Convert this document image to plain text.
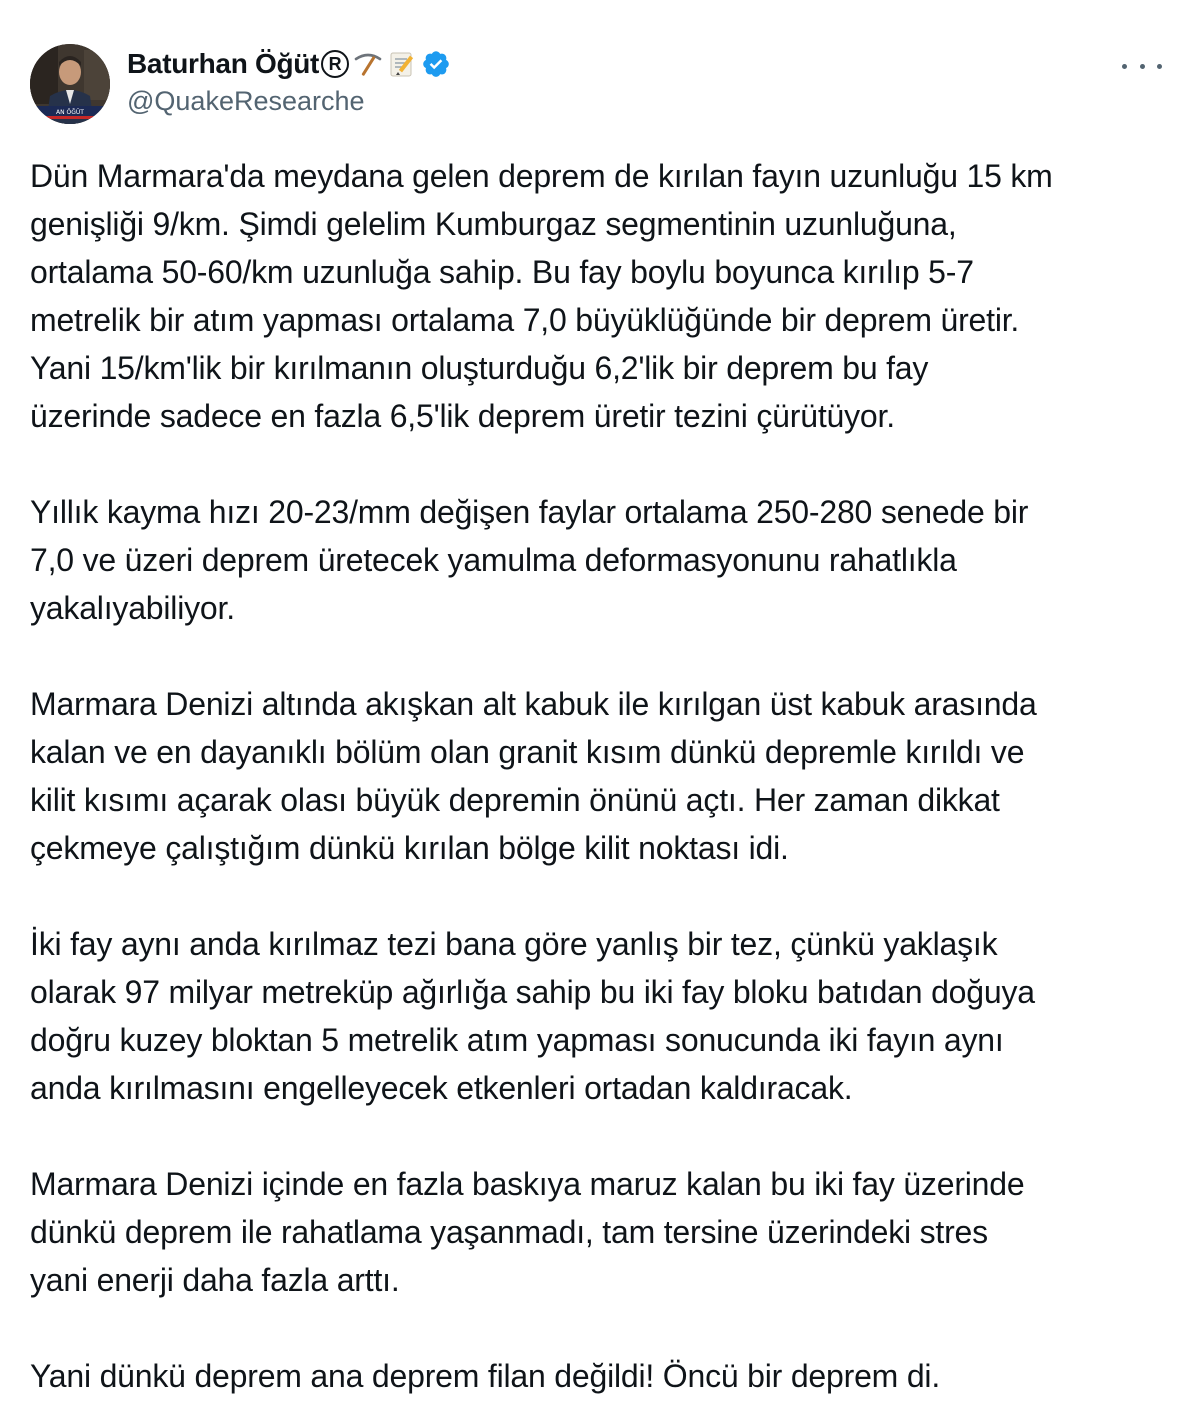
AN ÖĞÜT
Baturhan Öğüt R
@QuakeResearche

Dün Marmara'da meydana gelen deprem de kırılan fayın uzunluğu 15 km
genişliği 9/km. Şimdi gelelim Kumburgaz segmentinin uzunluğuna,
ortalama 50-60/km uzunluğa sahip. Bu fay boylu boyunca kırılıp 5-7
metrelik bir atım yapması ortalama 7,0 büyüklüğünde bir deprem üretir.
Yani 15/km'lik bir kırılmanın oluşturduğu 6,2'lik bir deprem bu fay
üzerinde sadece en fazla 6,5'lik deprem üretir tezini çürütüyor.

Yıllık kayma hızı 20-23/mm değişen faylar ortalama 250-280 senede bir
7,0 ve üzeri deprem üretecek yamulma deformasyonunu rahatlıkla
yakalıyabiliyor.

Marmara Denizi altında akışkan alt kabuk ile kırılgan üst kabuk arasında
kalan ve en dayanıklı bölüm olan granit kısım dünkü depremle kırıldı ve
kilit kısımı açarak olası büyük depremin önünü açtı. Her zaman dikkat
çekmeye çalıştığım dünkü kırılan bölge kilit noktası idi.

İki fay aynı anda kırılmaz tezi bana göre yanlış bir tez, çünkü yaklaşık
olarak 97 milyar metreküp ağırlığa sahip bu iki fay bloku batıdan doğuya
doğru kuzey bloktan 5 metrelik atım yapması sonucunda iki fayın aynı
anda kırılmasını engelleyecek etkenleri ortadan kaldıracak.

Marmara Denizi içinde en fazla baskıya maruz kalan bu iki fay üzerinde
dünkü deprem ile rahatlama yaşanmadı, tam tersine üzerindeki stres
yani enerji daha fazla arttı.

Yani dünkü deprem ana deprem filan değildi! Öncü bir deprem di.
